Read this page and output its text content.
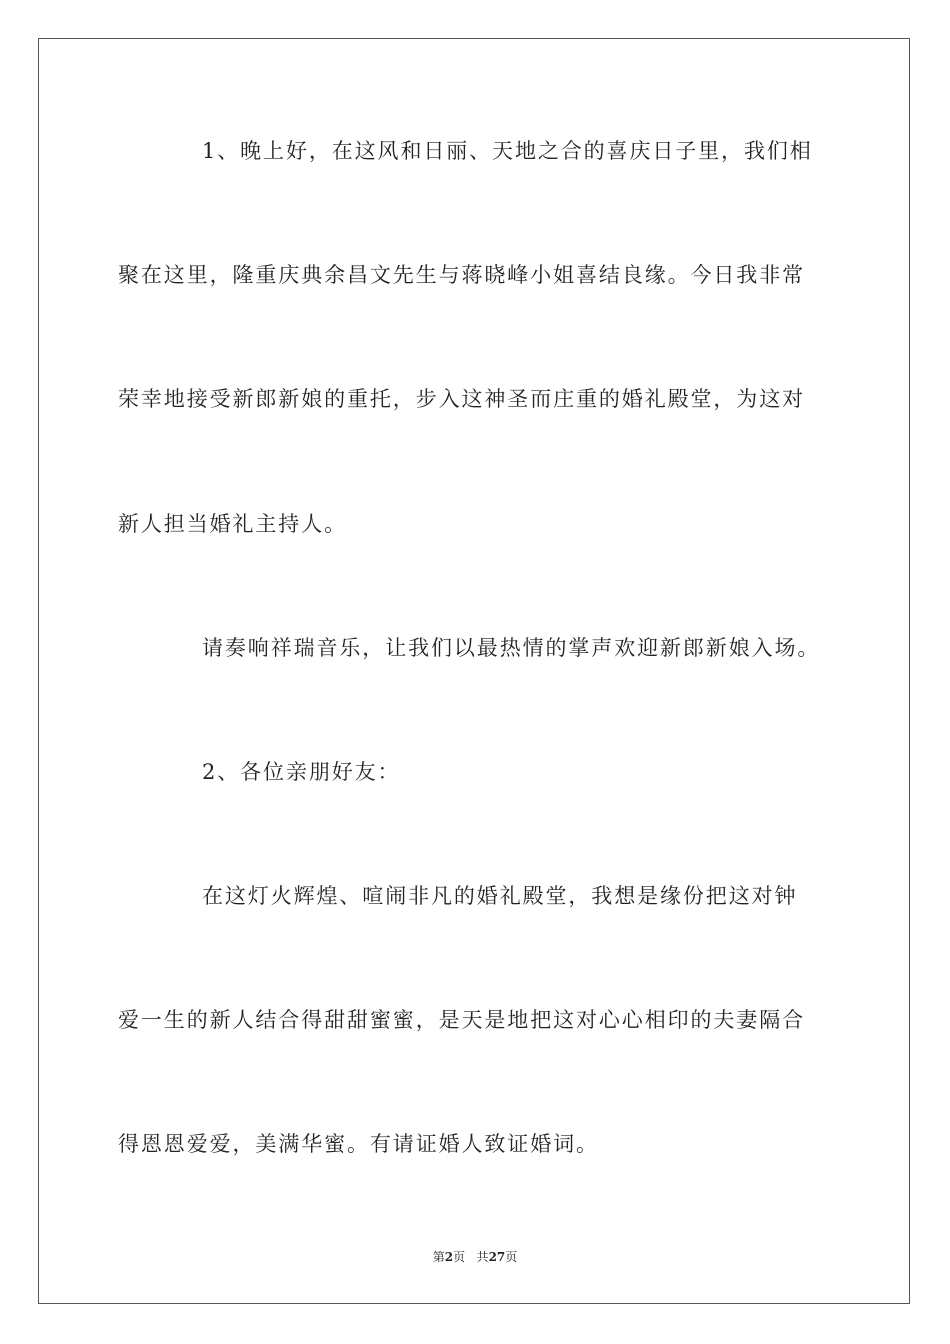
1、晚上好，在这风和日丽、天地之合的喜庆日子里，我们相
聚在这里，隆重庆典余昌文先生与蒋晓峰小姐喜结良缘。今日我非常
荣幸地接受新郎新娘的重托，步入这神圣而庄重的婚礼殿堂，为这对
新人担当婚礼主持人。
请奏响祥瑞音乐，让我们以最热情的掌声欢迎新郎新娘入场。
2、各位亲朋好友：
在这灯火辉煌、喧闹非凡的婚礼殿堂，我想是缘份把这对钟
爱一生的新人结合得甜甜蜜蜜，是天是地把这对心心相印的夫妻隔合
得恩恩爱爱，美满华蜜。有请证婚人致证婚词。
第2页 共27页
